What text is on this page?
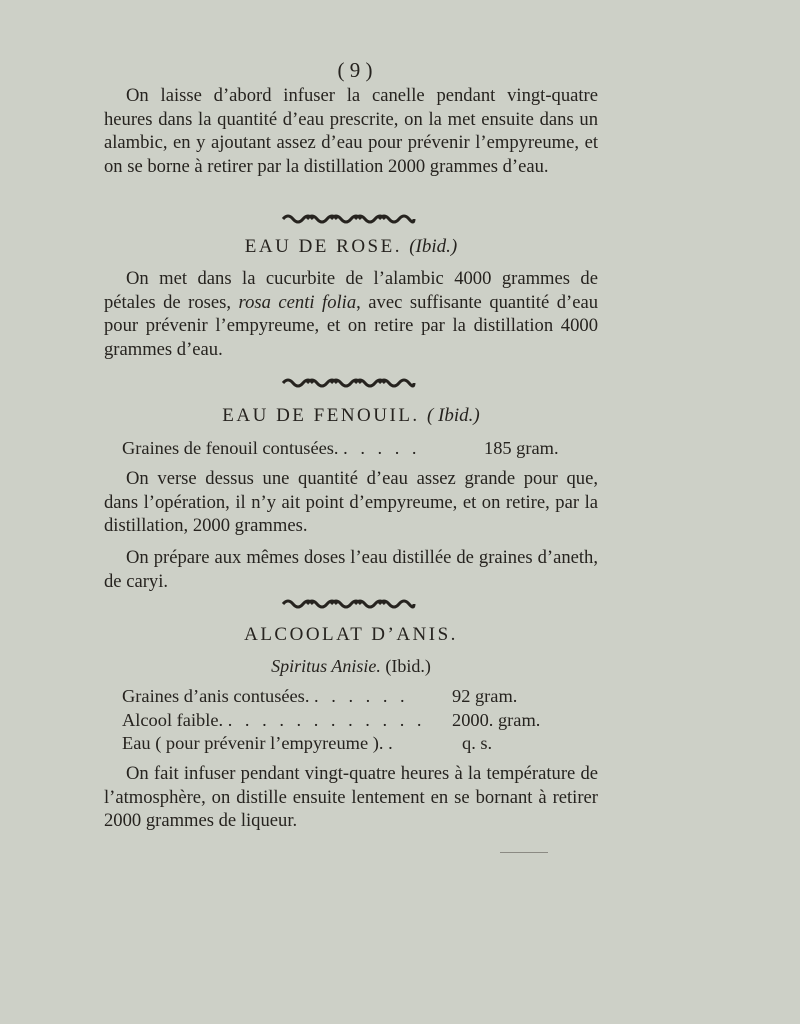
( 9 )

On laisse d’abord infuser la canelle pendant vingt-quatre heures dans la quantité d’eau prescrite, on la met ensuite dans un alambic, en y ajoutant assez d’eau pour prévenir l’empyreume, et on se borne à retirer par la distillation 2000 grammes d’eau.

EAU DE ROSE. (Ibid.)

On met dans la cucurbite de l’alambic 4000 grammes de pétales de roses, rosa centi folia, avec suffisante quantité d’eau pour prévenir l’empyreume, et on retire par la distillation 4000 grammes d’eau.

EAU DE FENOUIL. ( Ibid.)
Graines de fenouil contusées. . . . . .	185 gram.

On verse dessus une quantité d’eau assez grande pour que, dans l’opération, il n’y ait point d’empyreume, et on retire, par la distillation, 2000 grammes.

On prépare aux mêmes doses l’eau distillée de graines d’aneth, de caryi.

ALCOOLAT D’ANIS.
Spiritus Anisie. (Ibid.)
Graines d’anis contusées. . . . . . . 92 gram.
Alcool faible. . . . . . . . . . . . . 2000. gram.
Eau ( pour prévenir l’empyreume ). .	q. s.

On fait infuser pendant vingt-quatre heures à la température de l’atmosphère, on distille ensuite lentement en se bornant à retirer 2000 grammes de liqueur.
